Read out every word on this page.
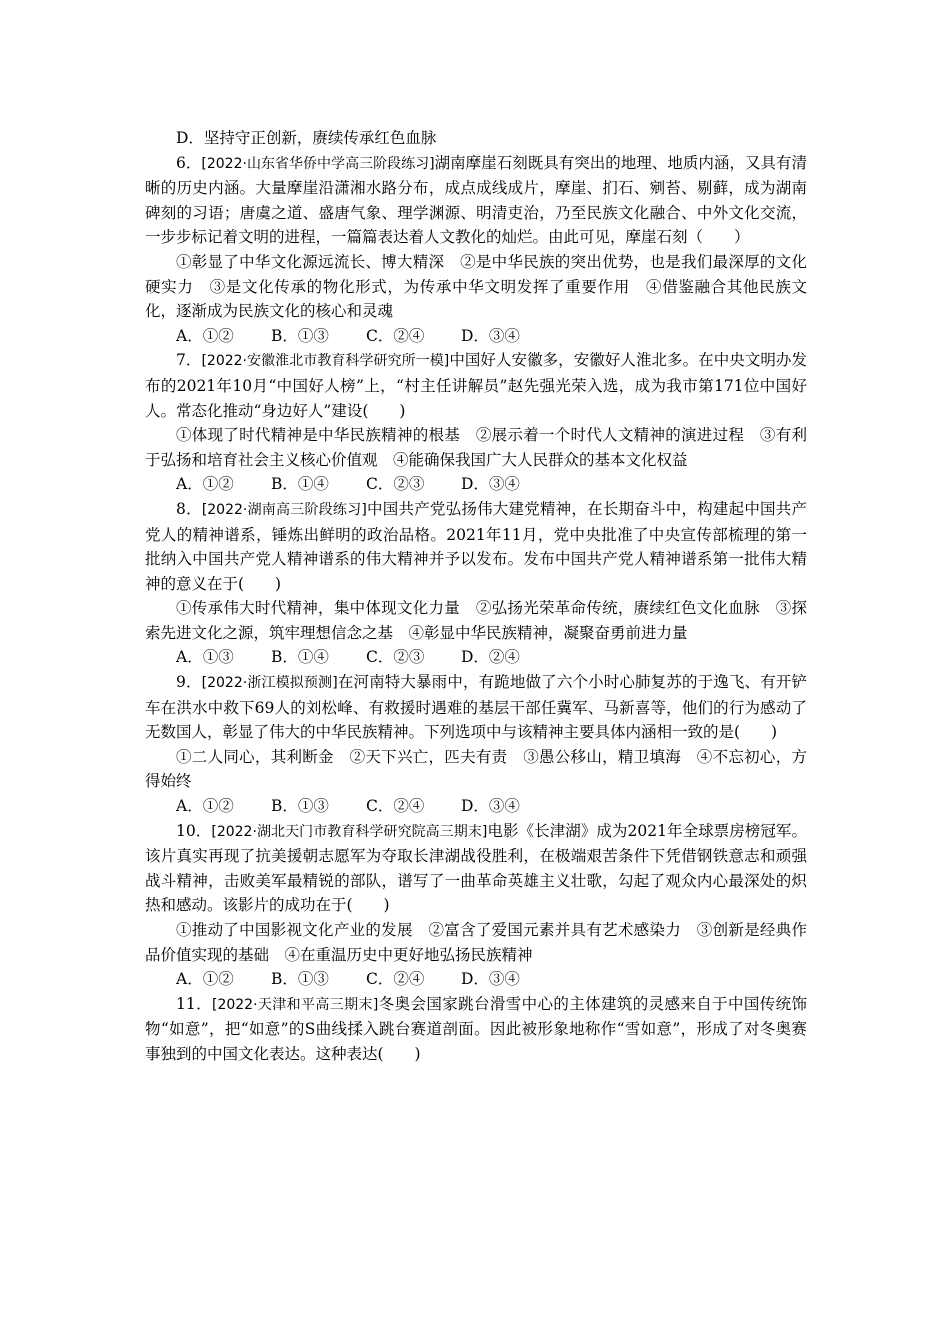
D．坚持守正创新，赓续传承红色血脉

6．[2022·山东省华侨中学高三阶段练习]湖南摩崖石刻既具有突出的地理、地质内涵，又具有清晰的历史内涵。大量摩崖沿潇湘水路分布，成点成线成片，摩崖、扪石、剜苔、剔藓，成为湖南碑刻的习语；唐虞之道、盛唐气象、理学渊源、明清吏治，乃至民族文化融合、中外文化交流，一步步标记着文明的进程，一篇篇表达着人文教化的灿烂。由此可见，摩崖石刻（　　）

①彰显了中华文化源远流长、博大精深　②是中华民族的突出优势，也是我们最深厚的文化硬实力　③是文化传承的物化形式，为传承中华文明发挥了重要作用　④借鉴融合其他民族文化，逐渐成为民族文化的核心和灵魂

A．①② B．①③ C．②④ D．③④

7．[2022·安徽淮北市教育科学研究所一模]中国好人安徽多，安徽好人淮北多。在中央文明办发布的2021年10月“中国好人榜”上，“村主任讲解员”赵先强光荣入选，成为我市第171位中国好人。常态化推动“身边好人”建设(　　)

①体现了时代精神是中华民族精神的根基　②展示着一个时代人文精神的演进过程　③有利于弘扬和培育社会主义核心价值观　④能确保我国广大人民群众的基本文化权益

A．①② B．①④ C．②③ D．③④

8．[2022·湖南高三阶段练习]中国共产党弘扬伟大建党精神，在长期奋斗中，构建起中国共产党人的精神谱系，锤炼出鲜明的政治品格。2021年11月，党中央批准了中央宣传部梳理的第一批纳入中国共产党人精神谱系的伟大精神并予以发布。发布中国共产党人精神谱系第一批伟大精神的意义在于(　　)

①传承伟大时代精神，集中体现文化力量　②弘扬光荣革命传统，赓续红色文化血脉　③探索先进文化之源，筑牢理想信念之基　④彰显中华民族精神，凝聚奋勇前进力量

A．①③ B．①④ C．②③ D．②④

9．[2022·浙江模拟预测]在河南特大暴雨中，有跪地做了六个小时心肺复苏的于逸飞、有开铲车在洪水中救下69人的刘松峰、有救援时遇难的基层干部任冀军、马新喜等，他们的行为感动了无数国人，彰显了伟大的中华民族精神。下列选项中与该精神主要具体内涵相一致的是(　　)

①二人同心，其利断金　②天下兴亡，匹夫有责　③愚公移山，精卫填海　④不忘初心，方得始终

A．①② B．①③ C．②④ D．③④

10．[2022·湖北天门市教育科学研究院高三期末]电影《长津湖》成为2021年全球票房榜冠军。该片真实再现了抗美援朝志愿军为夺取长津湖战役胜利，在极端艰苦条件下凭借钢铁意志和顽强战斗精神，击败美军最精锐的部队，谱写了一曲革命英雄主义壮歌，勾起了观众内心最深处的炽热和感动。该影片的成功在于(　　)

①推动了中国影视文化产业的发展　②富含了爱国元素并具有艺术感染力　③创新是经典作品价值实现的基础　④在重温历史中更好地弘扬民族精神

A．①② B．①③ C．②④ D．③④

11．[2022·天津和平高三期末]冬奥会国家跳台滑雪中心的主体建筑的灵感来自于中国传统饰物“如意”，把“如意”的S曲线揉入跳台赛道剖面。因此被形象地称作“雪如意”，形成了对冬奥赛事独到的中国文化表达。这种表达(　　)
